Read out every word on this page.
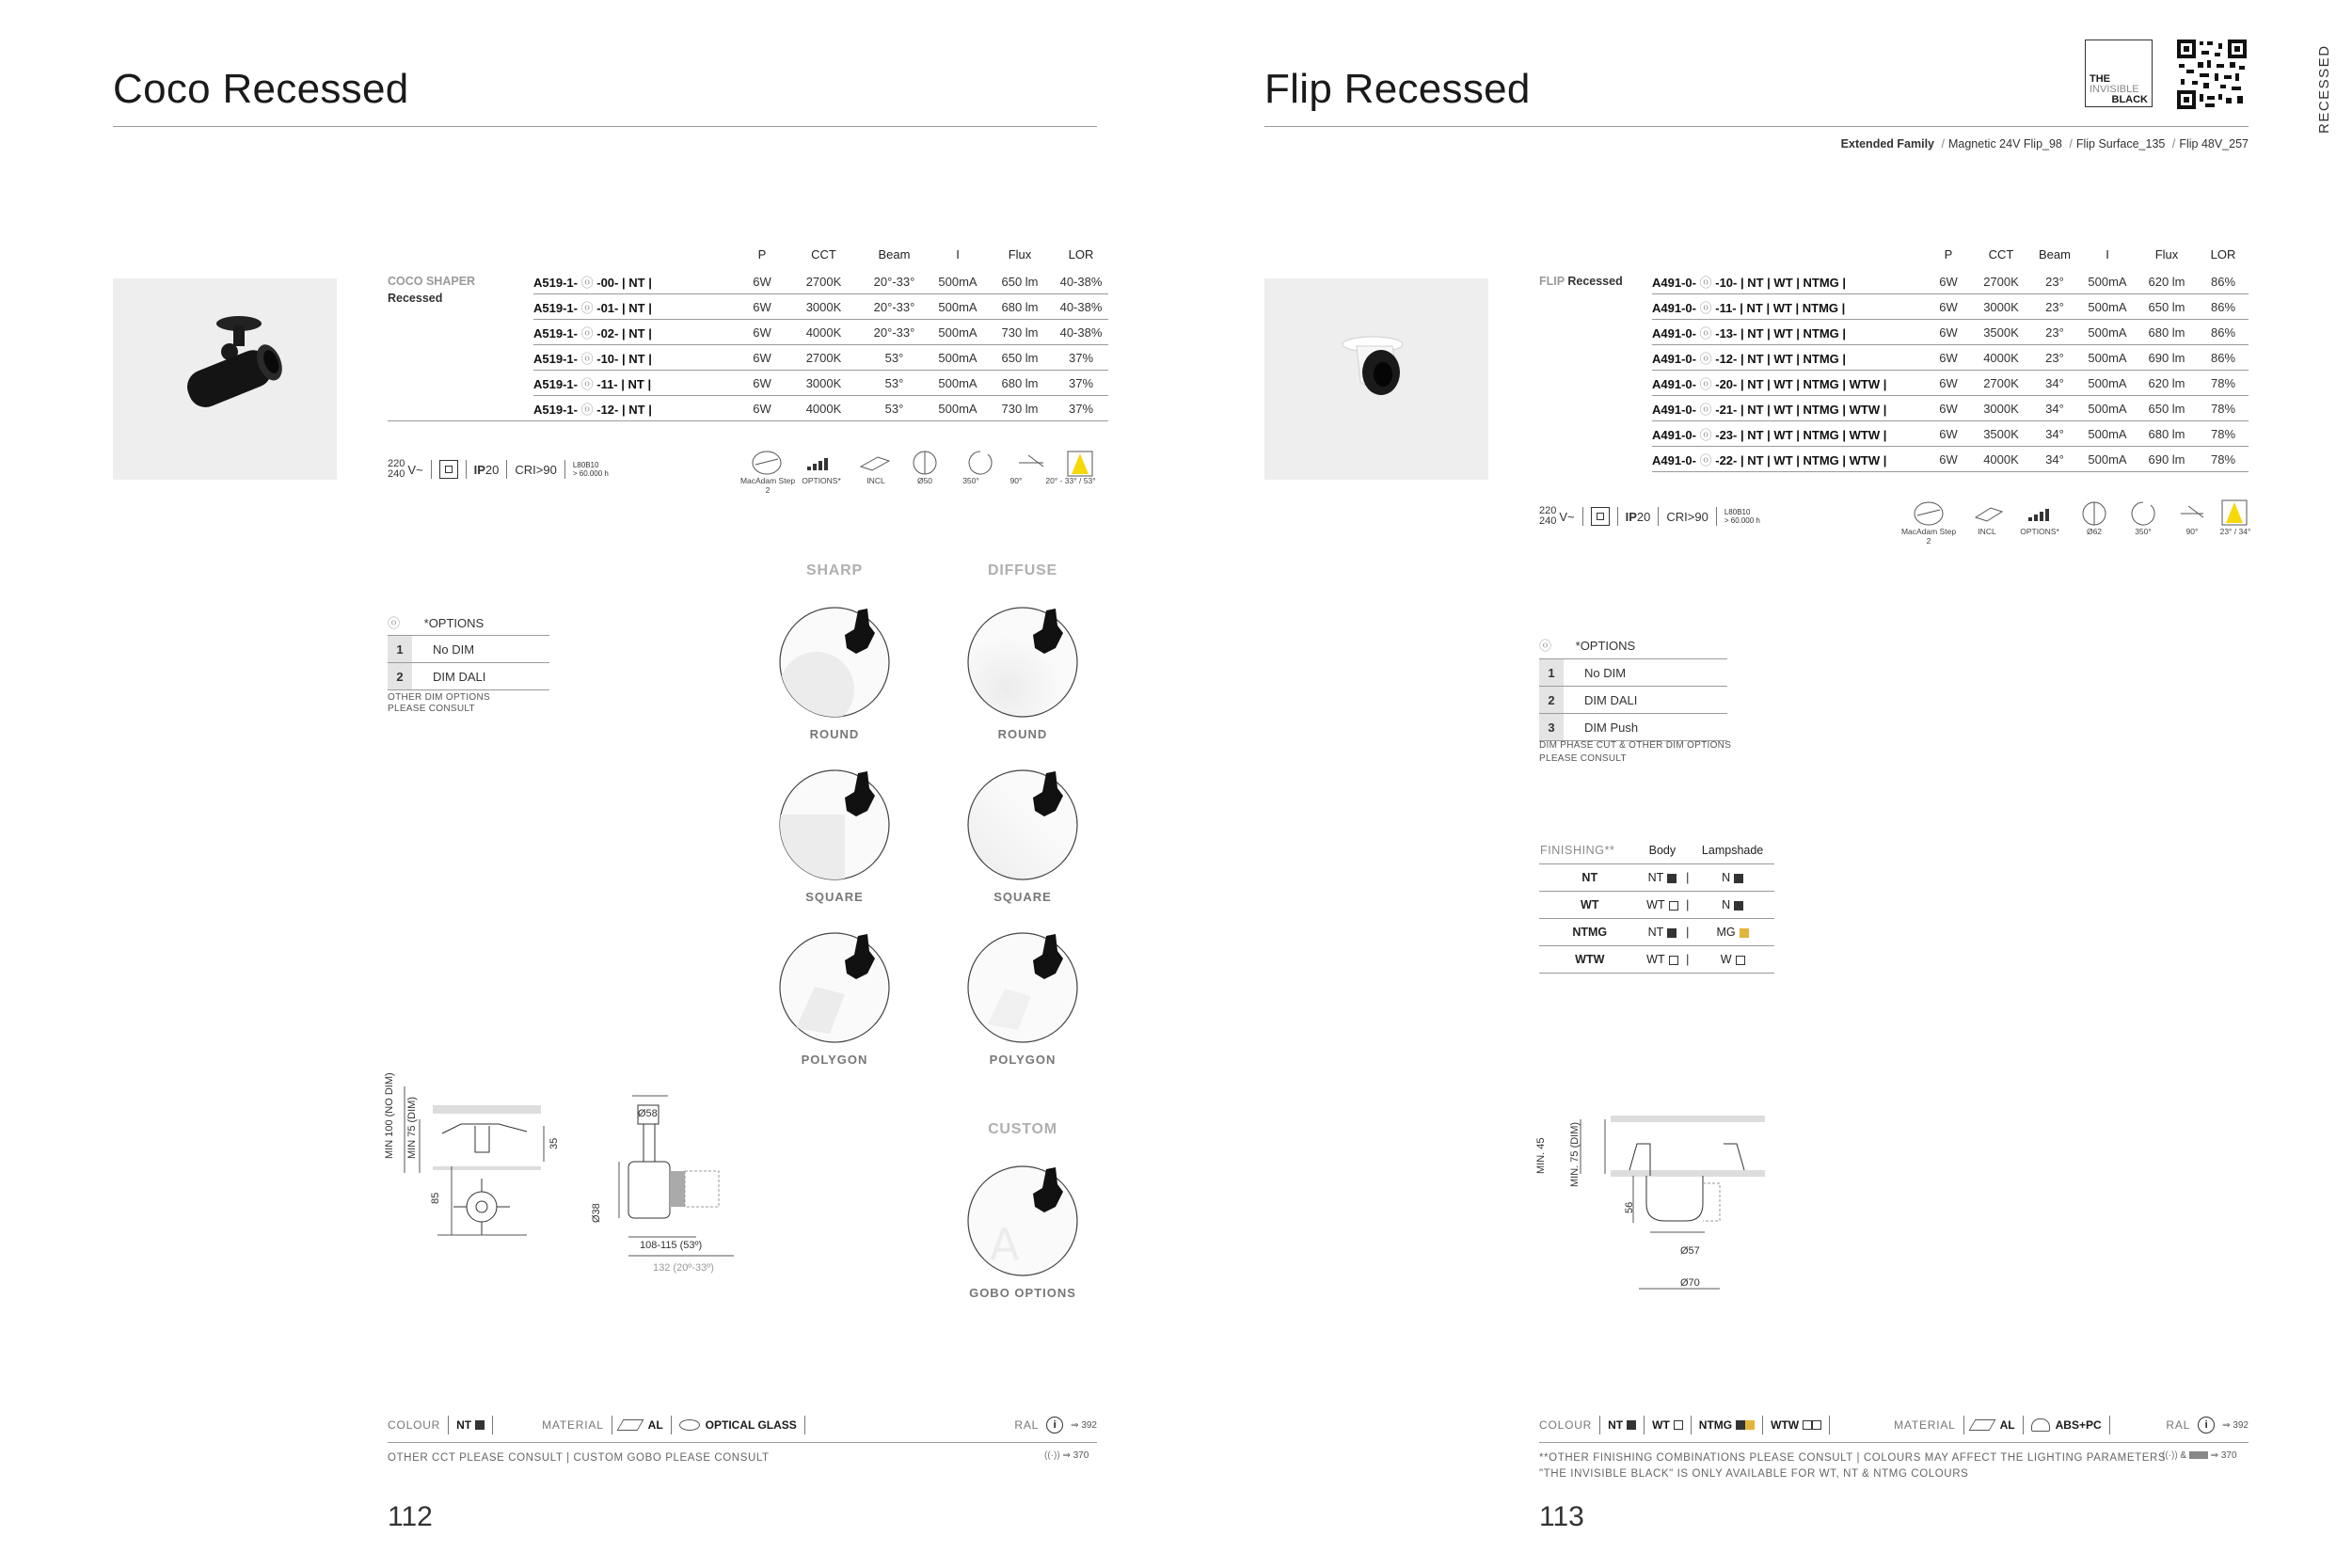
Coco Recessed
		P	CCT	Beam	I	Flux	LOR
COCO SHAPER
Recessed	A519-1- ⓞ -00- | NT |	6W	2700K	20°-33°	500mA	650 lm	40-38%
	A519-1- ⓞ -01- | NT |	6W	3000K	20°-33°	500mA	680 lm	40-38%
	A519-1- ⓞ -02- | NT |	6W	4000K	20°-33°	500mA	730 lm	40-38%
	A519-1- ⓞ -10- | NT |	6W	2700K	53°	500mA	650 lm	37%
	A519-1- ⓞ -11- | NT |	6W	3000K	53°	500mA	680 lm	37%
	A519-1- ⓞ -12- | NT |	6W	4000K	53°	500mA	730 lm	37%
220
240 V~	IP20 CRI>90 L80B10
> 60.000 h
MacAdam Step 2
OPTIONS*	INCL	Ø50	350°	90°	20° - 33° / 53°
ⓞ *OPTIONS
1	No DIM
2	DIM DALI
OTHER DIM OPTIONS
PLEASE CONSULT
SHARP	DIFFUSE
ROUND	ROUND
SQUARE	SQUARE
POLYGON	POLYGON
CUSTOM
A
GOBO OPTIONS
MIN 100 (NO DIM) MIN 75 (DIM)	35
85
Ø58
Ø38
108-115 (53º)
132 (20º-33º)
COLOUR NT	MATERIAL	AL	OPTICAL GLASS	RAL	i	⇒ 392
OTHER CCT PLEASE CONSULT | CUSTOM GOBO PLEASE CONSULT	((·)) ⇒ 370
112
Flip Recessed	THE
INVISIBLE
BLACK	RECESSED
Extended Family / Magnetic 24V Flip_98 / Flip Surface_135 / Flip 48V_257
		P	CCT	Beam	I	Flux	LOR
FLIP Recessed	A491-0- ⓞ -10- | NT | WT | NTMG |	6W	2700K	23°	500mA	620 lm	86%
	A491-0- ⓞ -11- | NT | WT | NTMG |	6W	3000K	23°	500mA	650 lm	86%
	A491-0- ⓞ -13- | NT | WT | NTMG |	6W	3500K	23°	500mA	680 lm	86%
	A491-0- ⓞ -12- | NT | WT | NTMG |	6W	4000K	23°	500mA	690 lm	86%
	A491-0- ⓞ -20- | NT | WT | NTMG | WTW |	6W	2700K	34°	500mA	620 lm	78%
	A491-0- ⓞ -21- | NT | WT | NTMG | WTW |	6W	3000K	34°	500mA	650 lm	78%
	A491-0- ⓞ -23- | NT | WT | NTMG | WTW |	6W	3500K	34°	500mA	680 lm	78%
	A491-0- ⓞ -22- | NT | WT | NTMG | WTW |	6W	4000K	34°	500mA	690 lm	78%
220
240 V~	IP20 CRI>90 L80B10
> 60.000 h
MacAdam Step 2
INCL	OPTIONS*	Ø62	350°	90°	23° / 34°
ⓞ *OPTIONS
1	No DIM
2	DIM DALI
3	DIM Push
DIM PHASE CUT & OTHER DIM OPTIONS
PLEASE CONSULT
FINISHING**	Body		Lampshade
NT	NT	|	N
WT	WT	|	N
NTMG	NT	|	MG
WTW	WT	|	W
MIN. 45 MIN. 75 (DIM)
56
Ø57
Ø70
COLOUR NT	WT	NTMG	WTW	MATERIAL	AL	ABS+PC	RAL	i	⇒ 392
**OTHER FINISHING COMBINATIONS PLEASE CONSULT | COLOURS MAY AFFECT THE LIGHTING PARAMETERS
"THE INVISIBLE BLACK" IS ONLY AVAILABLE FOR WT, NT & NTMG COLOURS
((·)) &  ⇒ 370
113
